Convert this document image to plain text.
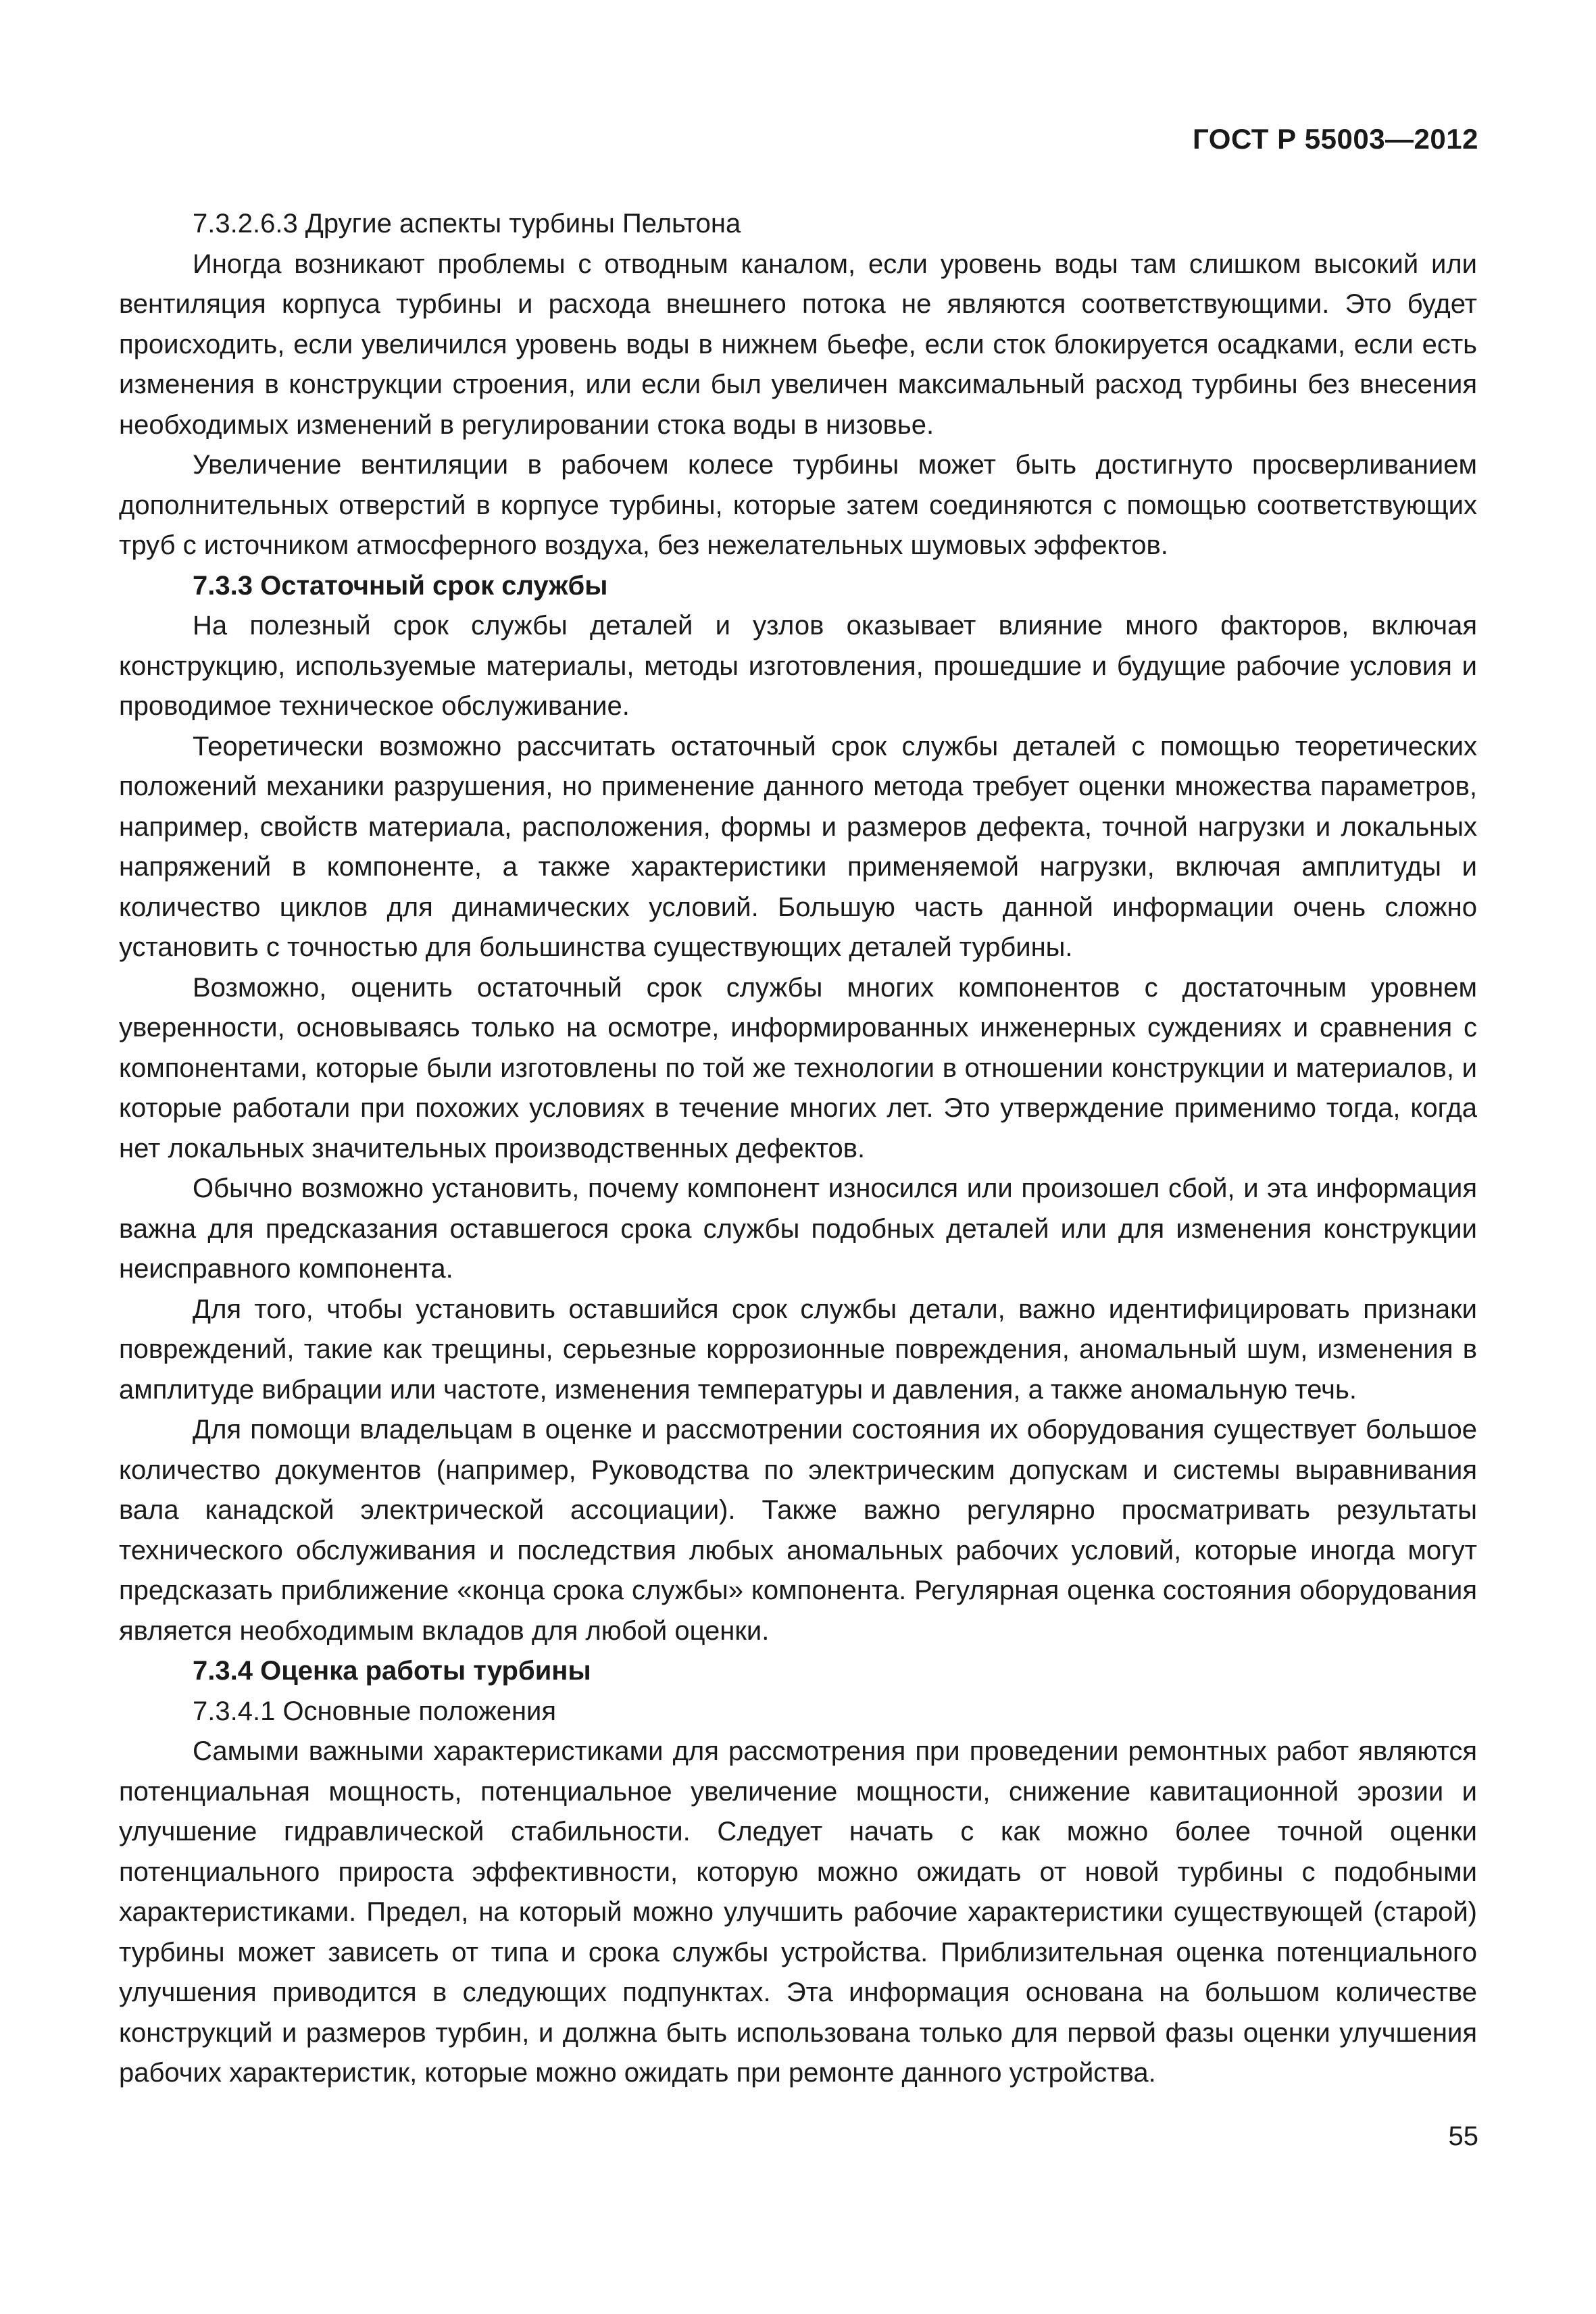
ГОСТ Р 55003—2012

7.3.2.6.3 Другие аспекты турбины Пельтона

Иногда возникают проблемы с отводным каналом, если уровень воды там слишком высокий или вентиляция корпуса турбины и расхода внешнего потока не являются соответствующими. Это будет происходить, если увеличился уровень воды в нижнем бьефе, если сток блокируется осадками, если есть изменения в конструкции строения, или если был увеличен максимальный расход турбины без внесения необходимых изменений в регулировании стока воды в низовье.

Увеличение вентиляции в рабочем колесе турбины может быть достигнуто просверливанием дополнительных отверстий в корпусе турбины, которые затем соединяются с помощью соответствующих труб с источником атмосферного воздуха, без нежелательных шумовых эффектов.

7.3.3 Остаточный срок службы

На полезный срок службы деталей и узлов оказывает влияние много факторов, включая конструкцию, используемые материалы, методы изготовления, прошедшие и будущие рабочие условия и проводимое техническое обслуживание.

Теоретически возможно рассчитать остаточный срок службы деталей с помощью теоретических положений механики разрушения, но применение данного метода требует оценки множества параметров, например, свойств материала, расположения, формы и размеров дефекта, точной нагрузки и локальных напряжений в компоненте, а также характеристики применяемой нагрузки, включая амплитуды и количество циклов для динамических условий. Большую часть данной информации очень сложно установить с точностью для большинства существующих деталей турбины.

Возможно, оценить остаточный срок службы многих компонентов с достаточным уровнем уверенности, основываясь только на осмотре, информированных инженерных суждениях и сравнения с компонентами, которые были изготовлены по той же технологии в отношении конструкции и материалов, и которые работали при похожих условиях в течение многих лет. Это утверждение применимо тогда, когда нет локальных значительных производственных дефектов.

Обычно возможно установить, почему компонент износился или произошел сбой, и эта информация важна для предсказания оставшегося срока службы подобных деталей или для изменения конструкции неисправного компонента.

Для того, чтобы установить оставшийся срок службы детали, важно идентифицировать признаки повреждений, такие как трещины, серьезные коррозионные повреждения, аномальный шум, изменения в амплитуде вибрации или частоте, изменения температуры и давления, а также аномальную течь.

Для помощи владельцам в оценке и рассмотрении состояния их оборудования существует большое количество документов (например, Руководства по электрическим допускам и системы выравнивания вала канадской электрической ассоциации). Также важно регулярно просматривать результаты технического обслуживания и последствия любых аномальных рабочих условий, которые иногда могут предсказать приближение «конца срока службы» компонента. Регулярная оценка состояния оборудования является необходимым вкладов для любой оценки.

7.3.4 Оценка работы турбины

7.3.4.1 Основные положения

Самыми важными характеристиками для рассмотрения при проведении ремонтных работ являются потенциальная мощность, потенциальное увеличение мощности, снижение кавитационной эрозии и улучшение гидравлической стабильности. Следует начать с как можно более точной оценки потенциального прироста эффективности, которую можно ожидать от новой турбины с подобными характеристиками. Предел, на который можно улучшить рабочие характеристики существующей (старой) турбины может зависеть от типа и срока службы устройства. Приблизительная оценка потенциального улучшения приводится в следующих подпунктах. Эта информация основана на большом количестве конструкций и размеров турбин, и должна быть использована только для первой фазы оценки улучшения рабочих характеристик, которые можно ожидать при ремонте данного устройства.

55
